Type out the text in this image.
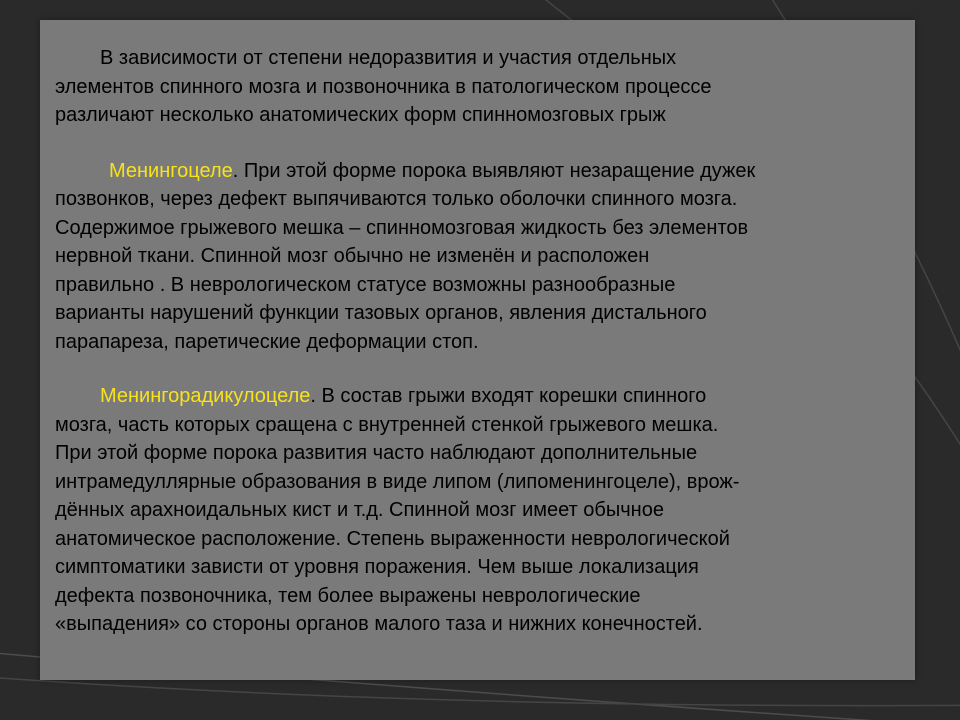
В зависимости от степени недоразвития и участия отдельных
элементов спинного мозга и позвоночника в патологическом процессе
различают несколько анатомических форм спинномозговых грыж

Менингоцеле. При этой форме порока выявляют незаращение дужек
позвонков, через дефект выпячиваются только оболочки спинного мозга.
Содержимое грыжевого мешка – спинномозговая жидкость без элементов
нервной ткани. Спинной мозг обычно не изменён и расположен
правильно . В неврологическом статусе возможны разнообразные
варианты нарушений функции тазовых органов, явления дистального
парапареза, паретические деформации стоп.

Менингорадикулоцеле. В состав грыжи входят корешки спинного
мозга, часть которых сращена с внутренней стенкой грыжевого мешка.
При этой форме порока развития часто наблюдают дополнительные
интрамедуллярные образования в виде липом (липоменингоцеле), врож-
дённых арахноидальных кист и т.д. Спинной мозг имеет обычное
анатомическое расположение. Степень выраженности неврологической
симптоматики зависти от уровня поражения. Чем выше локализация
дефекта позвоночника, тем более выражены неврологические
«выпадения» со стороны органов малого таза и нижних конечностей.
